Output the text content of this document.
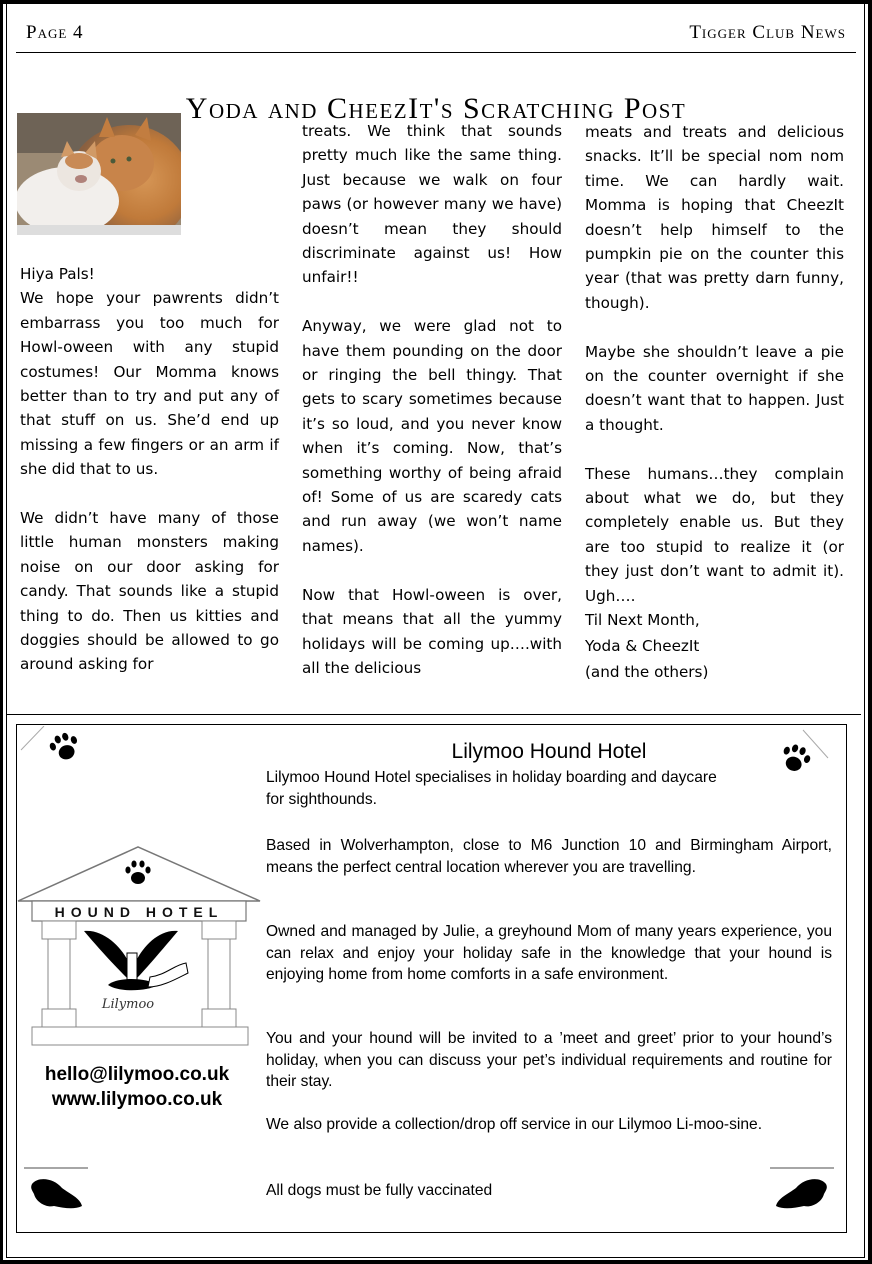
Page 4	Tigger Club News
Yoda and CheezIt's Scratching Post

Hiya Pals!

We hope your pawrents didn’t embarrass you too much for Howl-oween with any stupid costumes! Our Momma knows better than to try and put any of that stuff on us. She’d end up missing a few fingers or an arm if she did that to us.

We didn’t have many of those little human monsters making noise on our door asking for candy. That sounds like a stupid thing to do. Then us kitties and doggies should be allowed to go around asking for

treats. We think that sounds pretty much like the same thing. Just because we walk on four paws (or however many we have) doesn’t mean they should discriminate against us! How unfair!!

Anyway, we were glad not to have them pounding on the door or ringing the bell thingy. That gets to scary sometimes because it’s so loud, and you never know when it’s coming. Now, that’s something worthy of being afraid of! Some of us are scaredy cats and run away (we won’t name names).

Now that Howl-oween is over, that means that all the yummy holidays will be coming up….with all the delicious

meats and treats and delicious snacks. It’ll be special nom nom time. We can hardly wait. Momma is hoping that CheezIt doesn’t help himself to the pumpkin pie on the counter this year (that was pretty darn funny, though).

Maybe she shouldn’t leave a pie on the counter overnight if she doesn’t want that to happen. Just a thought.

These humans…they complain about what we do, but they completely enable us. But they are too stupid to realize it (or they just don’t want to admit it). Ugh….

Til Next Month,

Yoda & CheezIt

(and the others)

HOUND HOTEL
Lilymoo
hello@lilymoo.co.uk
www.lilymoo.co.uk
Lilymoo Hound Hotel

Lilymoo Hound Hotel specialises in holiday boarding and daycare for sighthounds.

Based in Wolverhampton, close to M6 Junction 10 and Birmingham Airport, means the perfect central location wherever you are travelling.

Owned and managed by Julie, a greyhound Mom of many years experience, you can relax and enjoy your holiday safe in the knowledge that your hound is enjoying home from home comforts in a safe environment.

You and your hound will be invited to a ’meet and greet’ prior to your hound’s holiday, when you can discuss your pet’s individual requirements and routine for their stay.

We also provide a collection/drop off service in our Lilymoo Li-moo-sine.

All dogs must be fully vaccinated
